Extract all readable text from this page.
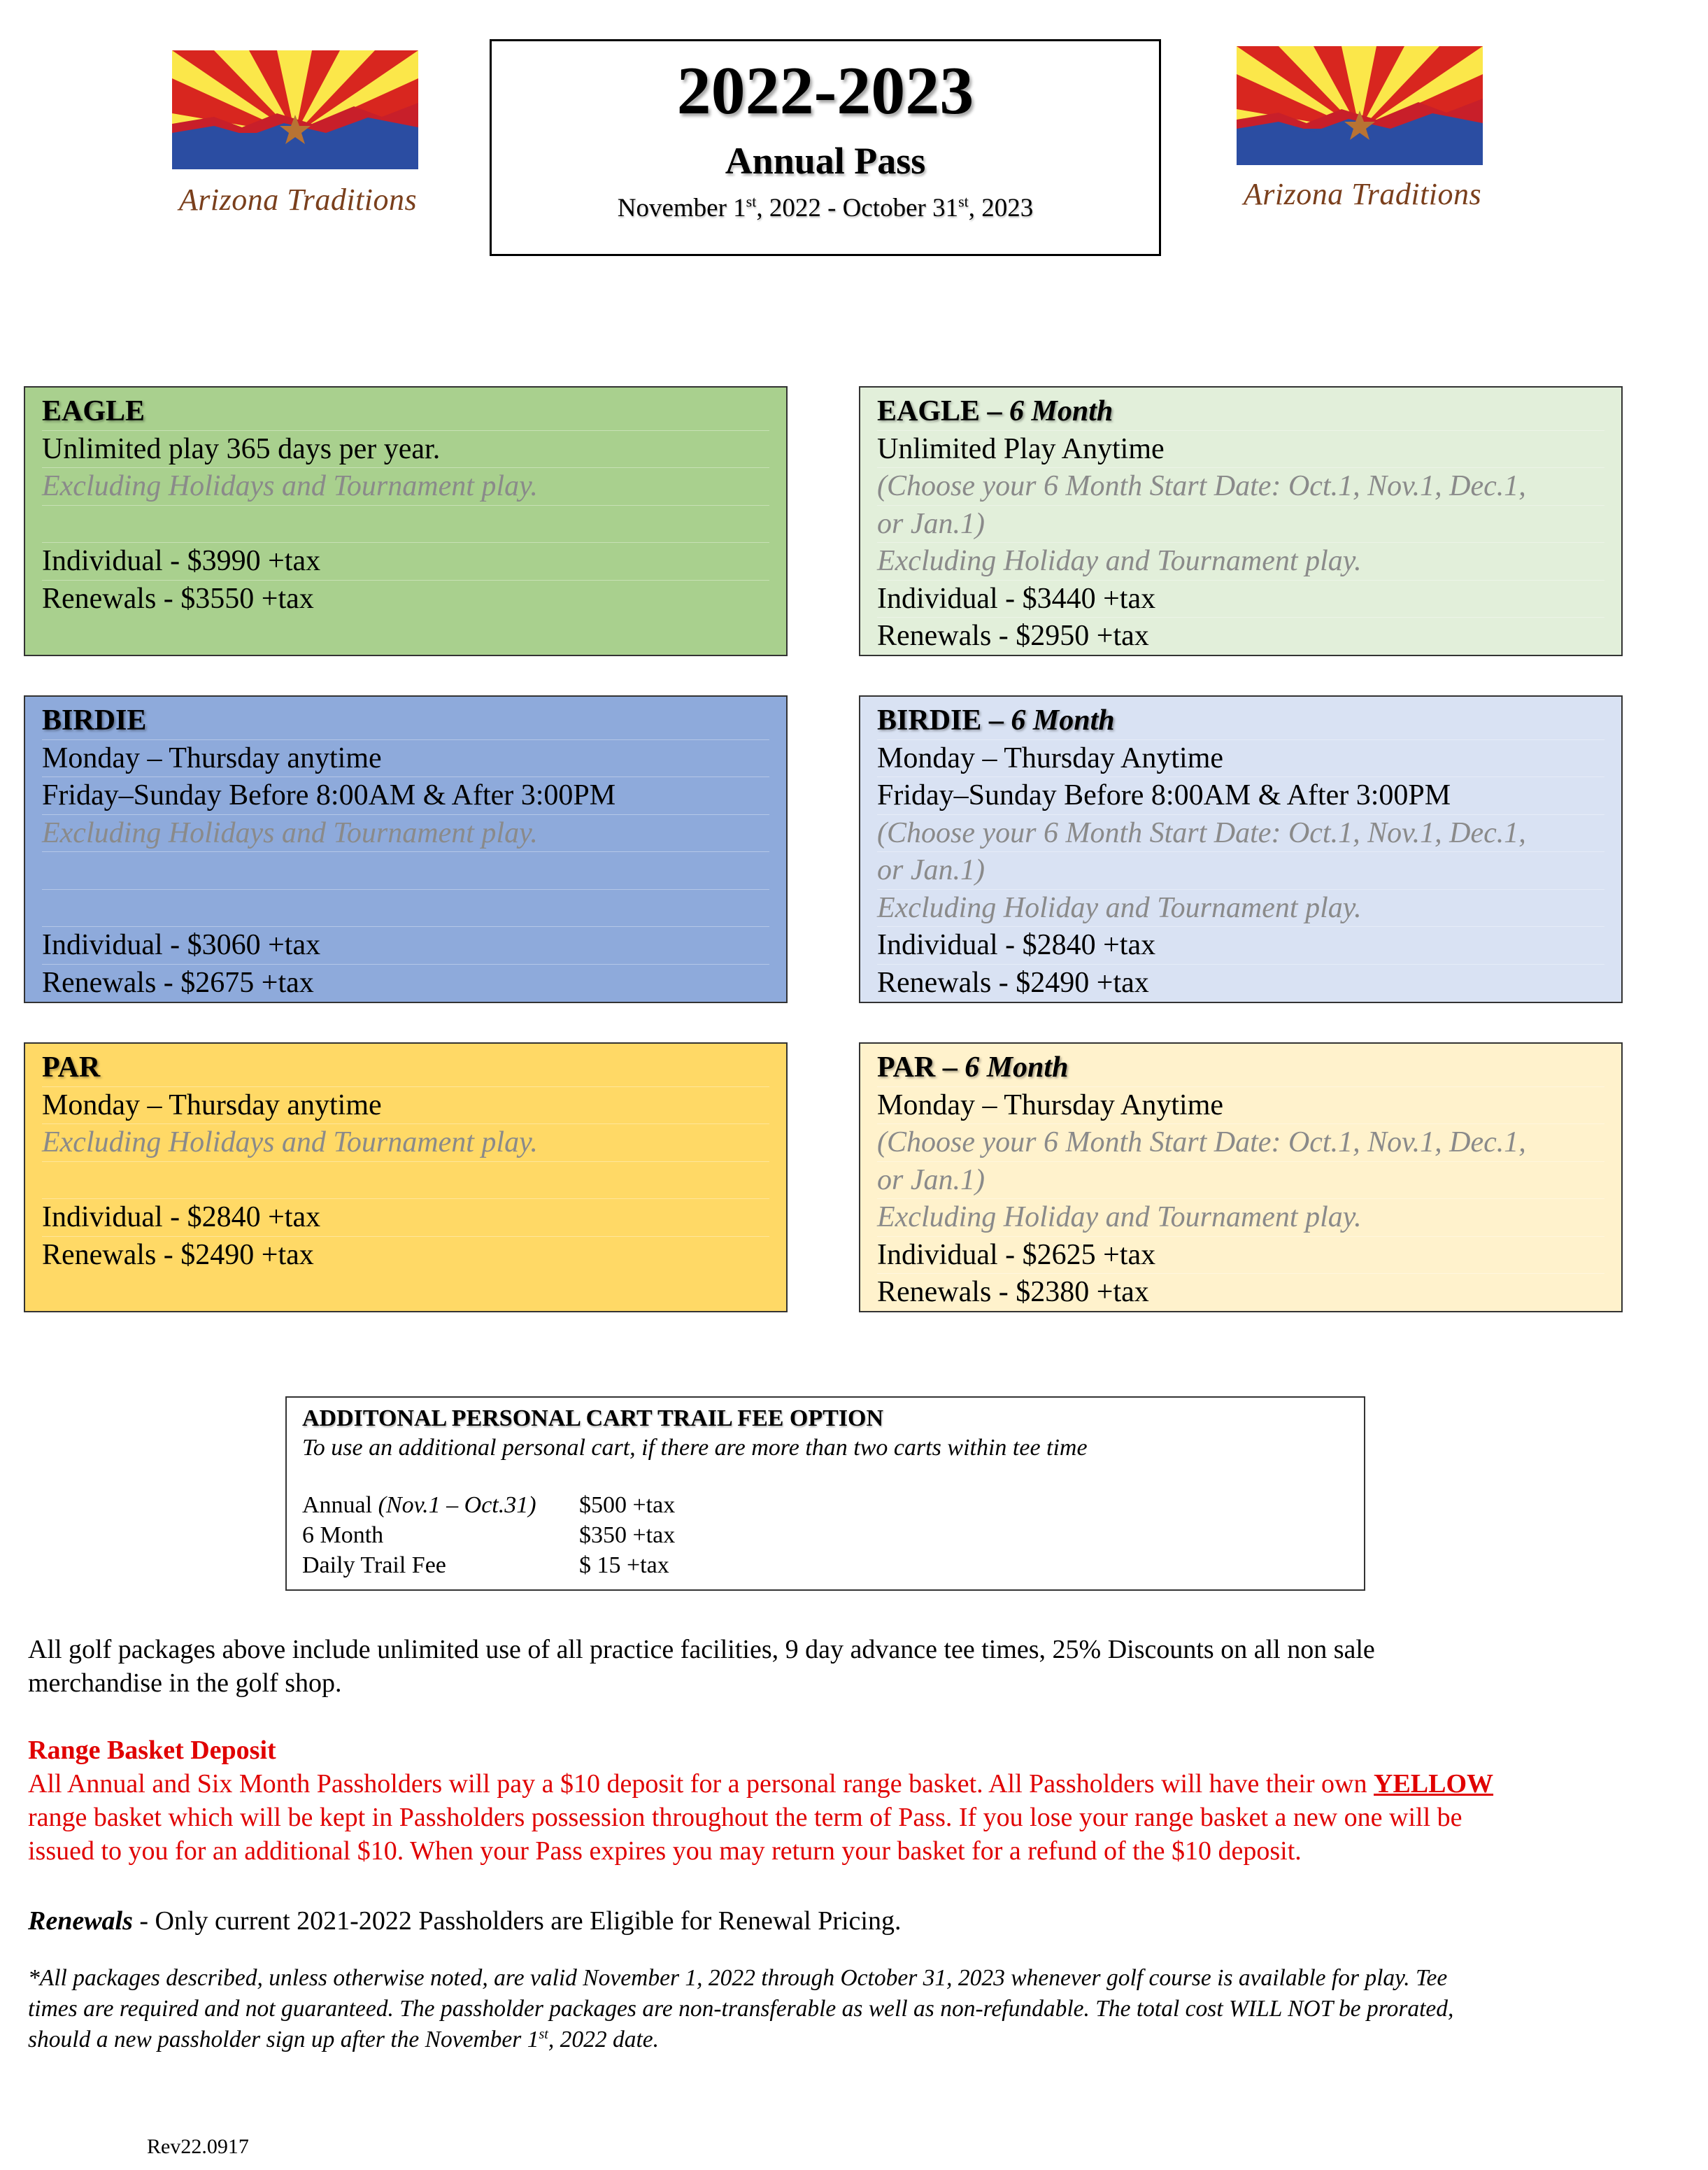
Arizona Traditions	Arizona Traditions
2022-2023
Annual Pass
November 1st, 2022 - October 31st, 2023
EAGLE
Unlimited play 365 days per year.
Excluding Holidays and Tournament play.
Individual - $3990 +tax
Renewals - $3550 +tax
EAGLE – 6 Month
Unlimited Play Anytime
(Choose your 6 Month Start Date: Oct.1, Nov.1, Dec.1,
or Jan.1)
Excluding Holiday and Tournament play.
Individual - $3440 +tax
Renewals - $2950 +tax
BIRDIE
Monday – Thursday anytime
Friday–Sunday Before 8:00AM & After 3:00PM
Excluding Holidays and Tournament play.
Individual - $3060 +tax
Renewals - $2675 +tax
BIRDIE – 6 Month
Monday – Thursday Anytime
Friday–Sunday Before 8:00AM & After 3:00PM
(Choose your 6 Month Start Date: Oct.1, Nov.1, Dec.1,
or Jan.1)
Excluding Holiday and Tournament play.
Individual - $2840 +tax
Renewals - $2490 +tax
PAR
Monday – Thursday anytime
Excluding Holidays and Tournament play.
Individual - $2840 +tax
Renewals - $2490 +tax
PAR – 6 Month
Monday – Thursday Anytime
(Choose your 6 Month Start Date: Oct.1, Nov.1, Dec.1,
or Jan.1)
Excluding Holiday and Tournament play.
Individual - $2625 +tax
Renewals - $2380 +tax
ADDITONAL PERSONAL CART TRAIL FEE OPTION
To use an additional personal cart, if there are more than two carts within tee time
Annual (Nov.1 – Oct.31) $500 +tax
6 Month	$350 +tax
Daily Trail Fee	$ 15 +tax
All golf packages above include unlimited use of all practice facilities, 9 day advance tee times, 25% Discounts on all non sale
merchandise in the golf shop.
Range Basket Deposit
All Annual and Six Month Passholders will pay a $10 deposit for a personal range basket. All Passholders will have their own YELLOW
range basket which will be kept in Passholders possession throughout the term of Pass. If you lose your range basket a new one will be
issued to you for an additional $10. When your Pass expires you may return your basket for a refund of the $10 deposit.
Renewals - Only current 2021-2022 Passholders are Eligible for Renewal Pricing.
*All packages described, unless otherwise noted, are valid November 1, 2022 through October 31, 2023 whenever golf course is available for play. Tee
times are required and not guaranteed. The passholder packages are non-transferable as well as non-refundable. The total cost WILL NOT be prorated,
should a new passholder sign up after the November 1st, 2022 date.
Rev22.0917
